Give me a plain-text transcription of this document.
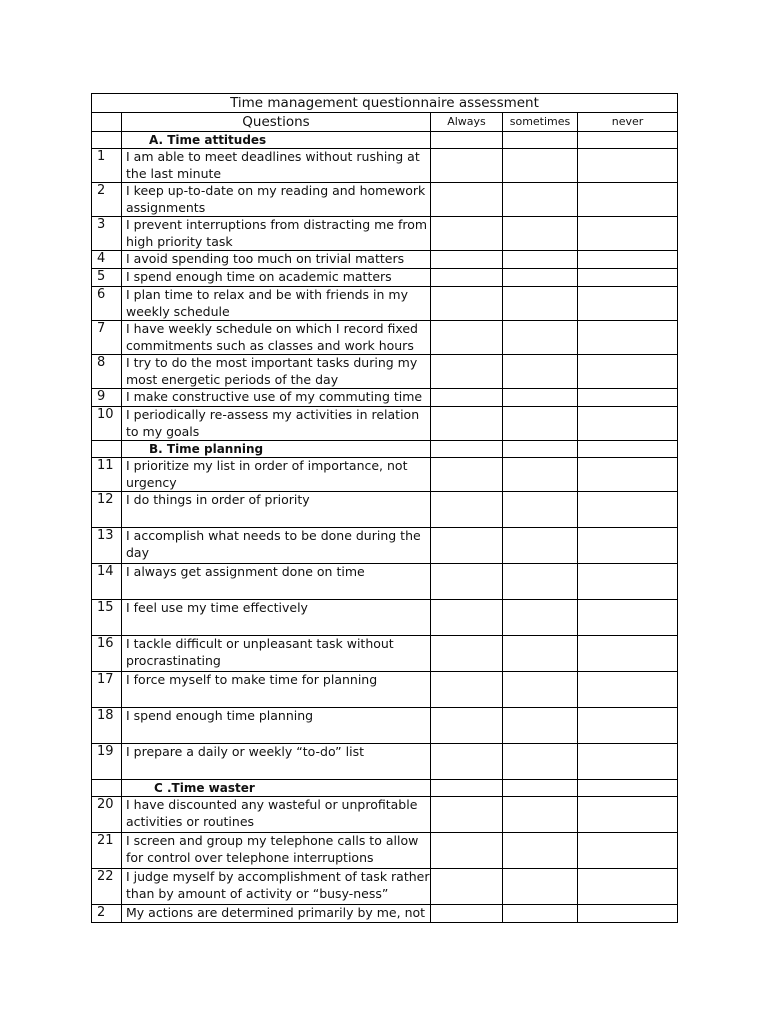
Time management questionnaire assessment				
	Questions	Always	sometimes	never
	A. Time attitudes			
1	I am able to meet deadlines without rushing at the last minute			
2	I keep up-to-date on my reading and homework assignments			
3	I prevent interruptions from distracting me from high priority task			
4	I avoid spending too much on trivial matters			
5	I spend enough time on academic matters			
6	I plan time to relax and be with friends in my weekly schedule			
7	I have weekly schedule on which I record fixed commitments such as classes and work hours			
8	I try to do the most important tasks during my most energetic periods of the day			
9	I make constructive use of my commuting time			
10	I periodically re-assess my activities in relation to my goals			
	B. Time planning			
11	I prioritize my list in order of importance, not urgency			
12	I do things in order of priority			
13	I accomplish what needs to be done during the day			
14	I always get assignment done on time			
15	I feel use my time effectively			
16	I tackle difficult or unpleasant task without procrastinating			
17	I force myself to make time for planning			
18	I spend enough time planning			
19	I prepare a daily or weekly “to-do” list			
	C .Time waster			
20	I have discounted any wasteful or unprofitable activities or routines			
21	I screen and group my telephone calls to allow for control over telephone interruptions			
22	I judge myself by accomplishment of task rather than by amount of activity or “busy-ness”			
2	My actions are determined primarily by me, not			
